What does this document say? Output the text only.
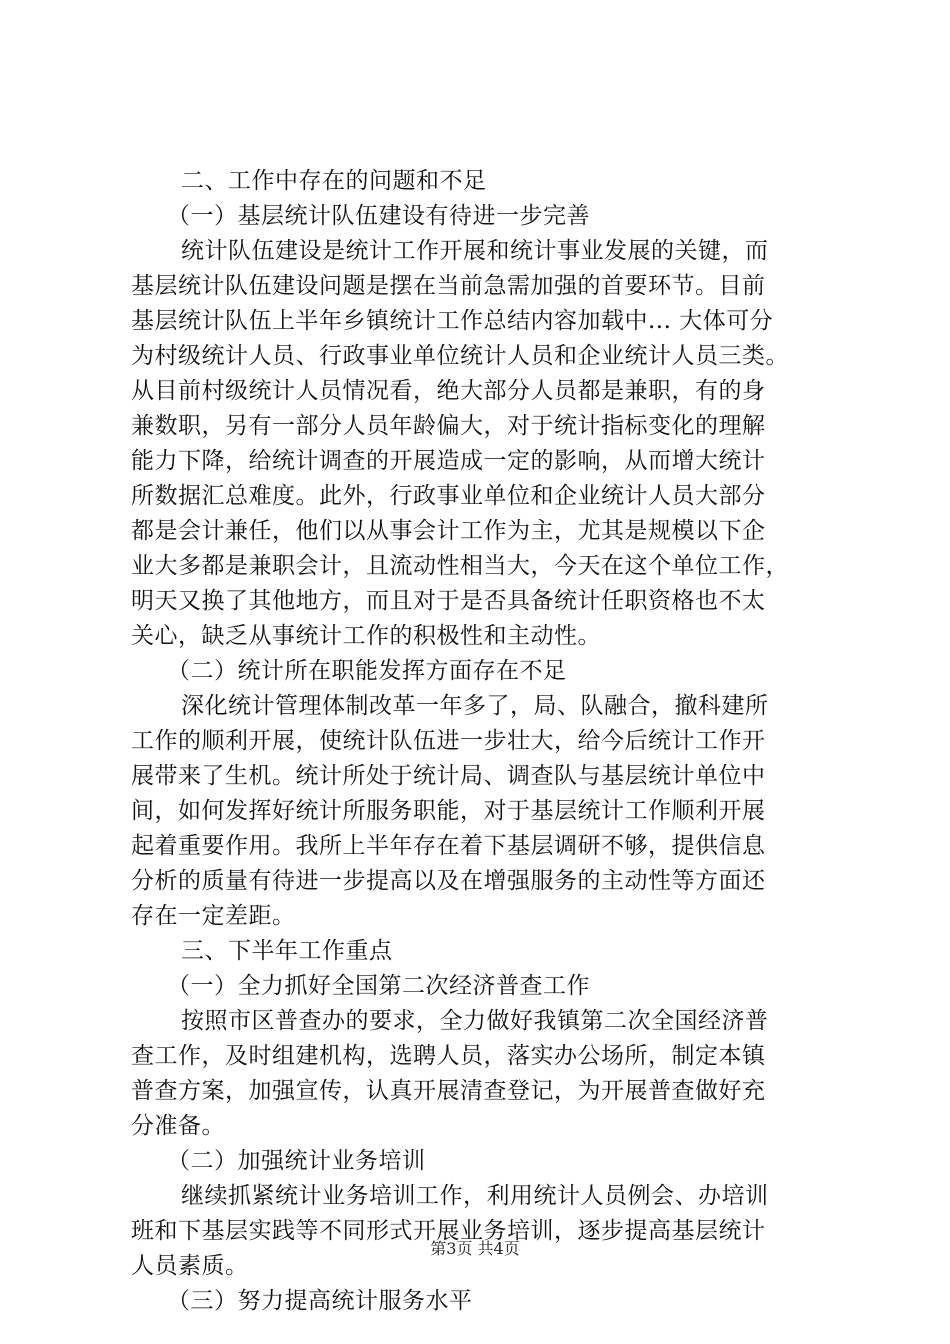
二、工作中存在的问题和不足
（一）基层统计队伍建设有待进一步完善
统计队伍建设是统计工作开展和统计事业发展的关键，而
基层统计队伍建设问题是摆在当前急需加强的首要环节。目前
基层统计队伍上半年乡镇统计工作总结内容加载中... 大体可分
为村级统计人员、行政事业单位统计人员和企业统计人员三类。
从目前村级统计人员情况看，绝大部分人员都是兼职，有的身
兼数职，另有一部分人员年龄偏大，对于统计指标变化的理解
能力下降，给统计调查的开展造成一定的影响，从而增大统计
所数据汇总难度。此外，行政事业单位和企业统计人员大部分
都是会计兼任，他们以从事会计工作为主，尤其是规模以下企
业大多都是兼职会计，且流动性相当大，今天在这个单位工作，
明天又换了其他地方，而且对于是否具备统计任职资格也不太
关心，缺乏从事统计工作的积极性和主动性。
（二）统计所在职能发挥方面存在不足
深化统计管理体制改革一年多了，局、队融合，撤科建所
工作的顺利开展，使统计队伍进一步壮大，给今后统计工作开
展带来了生机。统计所处于统计局、调查队与基层统计单位中
间，如何发挥好统计所服务职能，对于基层统计工作顺利开展
起着重要作用。我所上半年存在着下基层调研不够，提供信息
分析的质量有待进一步提高以及在增强服务的主动性等方面还
存在一定差距。
三、下半年工作重点
（一）全力抓好全国第二次经济普查工作
按照市区普查办的要求，全力做好我镇第二次全国经济普
查工作，及时组建机构，选聘人员，落实办公场所，制定本镇
普查方案，加强宣传，认真开展清查登记，为开展普查做好充
分准备。
（二）加强统计业务培训
继续抓紧统计业务培训工作，利用统计人员例会、办培训
班和下基层实践等不同形式开展业务培训，逐步提高基层统计
人员素质。
（三）努力提高统计服务水平
第3页 共4页
